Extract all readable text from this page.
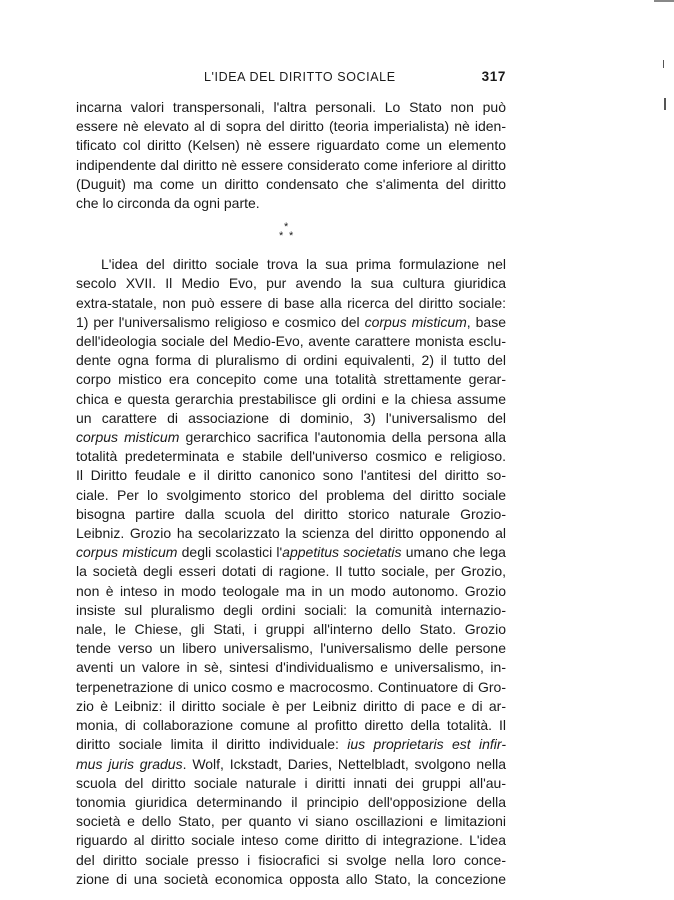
L'IDEA DEL DIRITTO SOCIALE	317
incarna valori transpersonali, l'altra personali. Lo Stato non può
essere nè elevato al di sopra del diritto (teoria imperialista) nè iden-
tificato col diritto (Kelsen) nè essere riguardato come un elemento
indipendente dal diritto nè essere considerato come inferiore al diritto
(Duguit) ma come un diritto condensato che s'alimenta del diritto
che lo circonda da ogni parte.
*
* *
L'idea del diritto sociale trova la sua prima formulazione nel
secolo XVII. Il Medio Evo, pur avendo la sua cultura giuridica
extra-statale, non può essere di base alla ricerca del diritto sociale:
1) per l'universalismo religioso e cosmico del corpus misticum, base
dell'ideologia sociale del Medio-Evo, avente carattere monista esclu-
dente ogna forma di pluralismo di ordini equivalenti, 2) il tutto del
corpo mistico era concepito come una totalità strettamente gerar-
chica e questa gerarchia prestabilisce gli ordini e la chiesa assume
un carattere di associazione di dominio, 3) l'universalismo del
corpus misticum gerarchico sacrifica l'autonomia della persona alla
totalità predeterminata e stabile dell'universo cosmico e religioso.
Il Diritto feudale e il diritto canonico sono l'antitesi del diritto so-
ciale. Per lo svolgimento storico del problema del diritto sociale
bisogna partire dalla scuola del diritto storico naturale Grozio-
Leibniz. Grozio ha secolarizzato la scienza del diritto opponendo al
corpus misticum degli scolastici l'appetitus societatis umano che lega
la società degli esseri dotati di ragione. Il tutto sociale, per Grozio,
non è inteso in modo teologale ma in un modo autonomo. Grozio
insiste sul pluralismo degli ordini sociali: la comunità internazio-
nale, le Chiese, gli Stati, i gruppi all'interno dello Stato. Grozio
tende verso un libero universalismo, l'universalismo delle persone
aventi un valore in sè, sintesi d'individualismo e universalismo, in-
terpenetrazione di unico cosmo e macrocosmo. Continuatore di Gro-
zio è Leibniz: il diritto sociale è per Leibniz diritto di pace e di ar-
monia, di collaborazione comune al profitto diretto della totalità. Il
diritto sociale limita il diritto individuale: ius proprietaris est infir-
mus juris gradus. Wolf, Ickstadt, Daries, Nettelbladt, svolgono nella
scuola del diritto sociale naturale i diritti innati dei gruppi all'au-
tonomia giuridica determinando il principio dell'opposizione della
società e dello Stato, per quanto vi siano oscillazioni e limitazioni
riguardo al diritto sociale inteso come diritto di integrazione. L'idea
del diritto sociale presso i fisiocrafici si svolge nella loro conce-
zione di una società economica opposta allo Stato, la concezione
